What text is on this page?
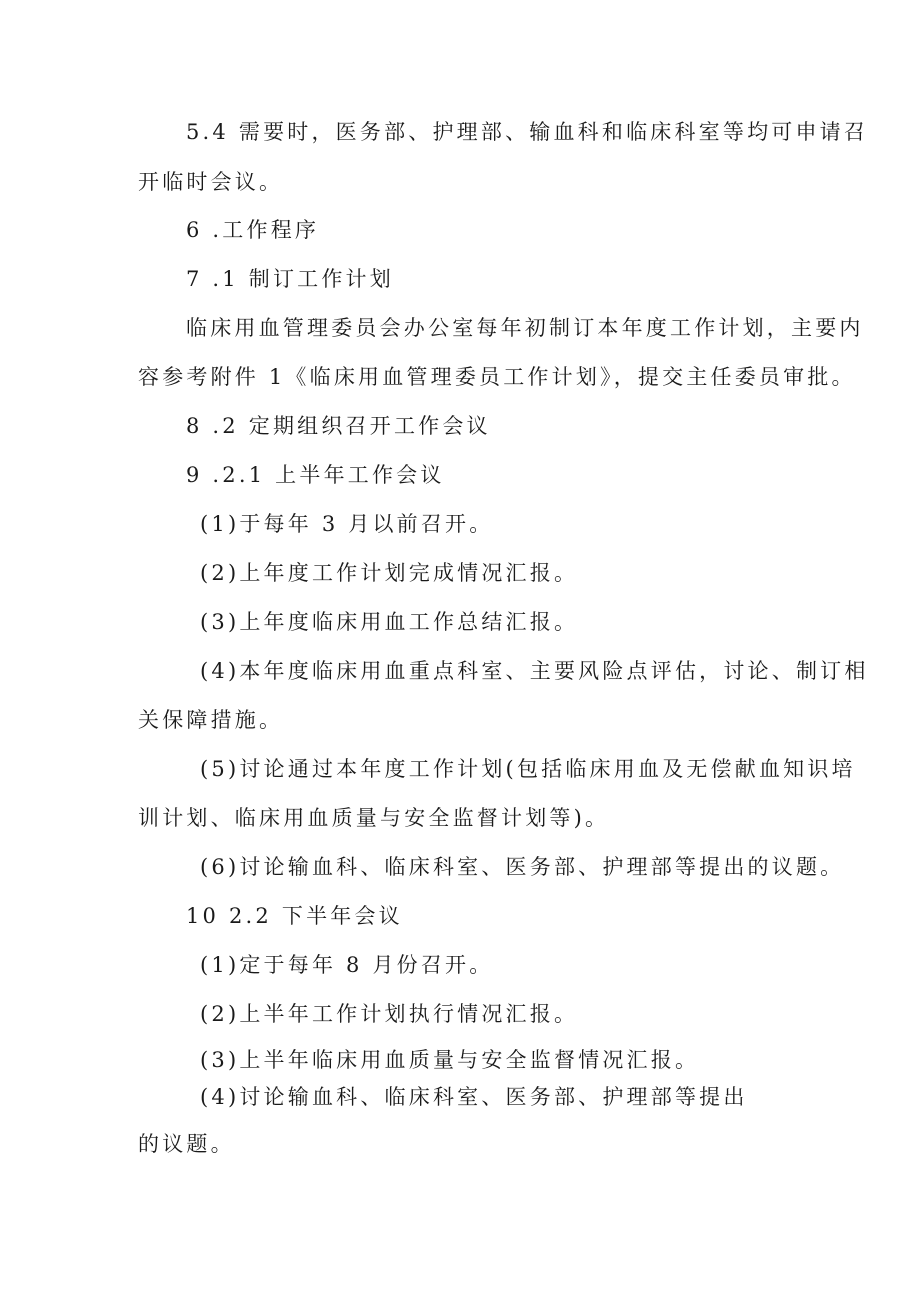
5.4 需要时，医务部、护理部、输血科和临床科室等均可申请召
开临时会议。
6 .工作程序
7 .1 制订工作计划
临床用血管理委员会办公室每年初制订本年度工作计划，主要内
容参考附件 1《临床用血管理委员工作计划》，提交主任委员审批。
8 .2 定期组织召开工作会议
9 .2.1 上半年工作会议
(1)于每年 3 月以前召开。
(2)上年度工作计划完成情况汇报。
(3)上年度临床用血工作总结汇报。
(4)本年度临床用血重点科室、主要风险点评估，讨论、制订相
关保障措施。
(5)讨论通过本年度工作计划(包括临床用血及无偿献血知识培
训计划、临床用血质量与安全监督计划等)。
(6)讨论输血科、临床科室、医务部、护理部等提出的议题。
10 2.2 下半年会议
(1)定于每年 8 月份召开。
(2)上半年工作计划执行情况汇报。
(3)上半年临床用血质量与安全监督情况汇报。
(4)讨论输血科、临床科室、医务部、护理部等提出
的议题。
